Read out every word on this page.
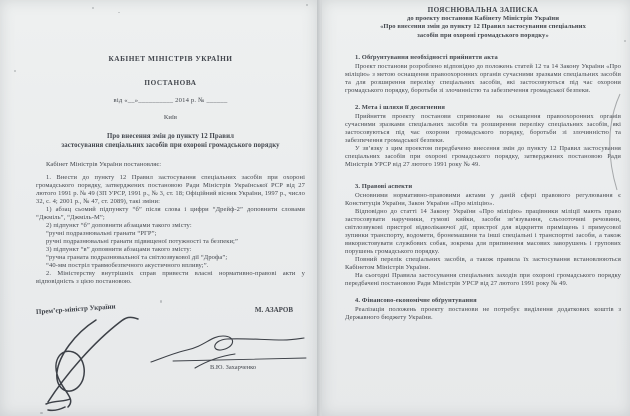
КАБІНЕТ МІНІСТРІВ УКРАЇНИ
ПОСТАНОВА
від «__»__________ 2014 р. № ______
Київ
Про внесення змін до пункту 12 Правил
застосування спеціальних засобів при охороні громадського порядку

Кабінет Міністрів України постановляє:

1. Внести до пункту 12 Правил застосування спеціальних засобів при охороні громадського порядку, затверджених постановою Ради Міністрів Української РСР від 27 лютого 1991 р. № 49 (ЗП УРСР, 1991 р., № 3, ст. 18; Офіційний вісник України, 1997 р., число 32, с. 4; 2001 р., № 47, ст. 2089), такі зміни:

1) абзац сьомий підпункту “б” після слова і цифри “Дрейф-2” доповнити словами “Джміль”, “Джміль-М”;

2) підпункт “б” доповнити абзацами такого змісту:

“ручні подразнювальні гранати “РГР”;

ручні подразнювальні гранати підвищеної потужності та безпеки;”

3) підпункт “в” доповнити абзацами такого змісту:

“ручна граната подразнювальної та світлозвукової дії “Дрофа”;

“40-мм постріл травмобезпечного акустичного впливу;”.

2. Міністерству внутрішніх справ привести власні нормативно-правові акти у відповідність з цією постановою.

Прем’єр-міністр України	М. АЗАРОВ
В.Ю. Захарченко
ПОЯСНЮВАЛЬНА ЗАПИСКА
до проекту постанови Кабінету Міністрів України
«Про внесення змін до пункту 12 Правил застосування спеціальних
засобів при охороні громадського порядку»

1. Обґрунтування необхідності прийняття акта

Проект постанови розроблено відповідно до положень статей 12 та 14 Закону України «Про міліцію» з метою оснащення правоохоронних органів сучасними зразками спеціальних засобів та для розширення переліку спеціальних засобів, які застосовуються під час охорони громадського порядку, боротьби зі злочинністю та забезпечення громадської безпеки.

2. Мета і шляхи її досягнення

Прийняття проекту постанови спрямоване на оснащення правоохоронних органів сучасними зразками спеціальних засобів та розширення переліку спеціальних засобів, які застосовуються під час охорони громадського порядку, боротьби зі злочинністю та забезпечення громадської безпеки.

У зв’язку з цим проектом передбачено внесення змін до пункту 12 Правил застосування спеціальних засобів при охороні громадського порядку, затверджених постановою Ради Міністрів УРСР від 27 лютого 1991 року № 49.

3. Правові аспекти

Основними нормативно-правовими актами у даній сфері правового регулювання є Конституція України, Закон України «Про міліцію».

Відповідно до статті 14 Закону України «Про міліцію» працівники міліції мають право застосовувати наручники, гумові кийки, засоби зв’язування, сльозоточиві речовини, світлозвукові пристрої відволікаючої дії, пристрої для відкриття приміщень і примусової зупинки транспорту, водомети, бронемашини та інші спеціальні і транспортні засоби, а також використовувати службових собак, зокрема для припинення масових заворушень і групових порушень громадського порядку.

Повний перелік спеціальних засобів, а також правила їх застосування встановлюються Кабінетом Міністрів України.

На сьогодні Правила застосування спеціальних заходів при охороні громадського порядку передбачені постановою Ради Міністрів УРСР від 27 лютого 1991 року № 49.

4. Фінансово-економічне обґрунтування

Реалізація положень проекту постанови не потребує виділення додаткових коштів з Державного бюджету України.
